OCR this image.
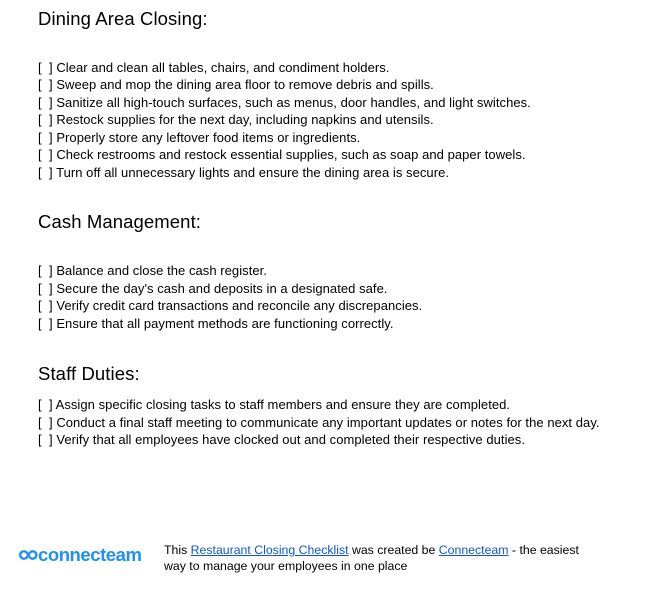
Dining Area Closing:
[  ] Clear and clean all tables, chairs, and condiment holders.
[  ] Sweep and mop the dining area floor to remove debris and spills.
[  ] Sanitize all high-touch surfaces, such as menus, door handles, and light switches.
[  ] Restock supplies for the next day, including napkins and utensils.
[  ] Properly store any leftover food items or ingredients.
[  ] Check restrooms and restock essential supplies, such as soap and paper towels.
[  ] Turn off all unnecessary lights and ensure the dining area is secure.
Cash Management:
[  ] Balance and close the cash register.
[  ] Secure the day's cash and deposits in a designated safe.
[  ] Verify credit card transactions and reconcile any discrepancies.
[  ] Ensure that all payment methods are functioning correctly.
Staff Duties:
[  ] Assign specific closing tasks to staff members and ensure they are completed.
[  ] Conduct a final staff meeting to communicate any important updates or notes for the next day.
[  ] Verify that all employees have clocked out and completed their respective duties.
connecteam This Restaurant Closing Checklist was created be Connecteam - the easiest way to manage your employees in one place
